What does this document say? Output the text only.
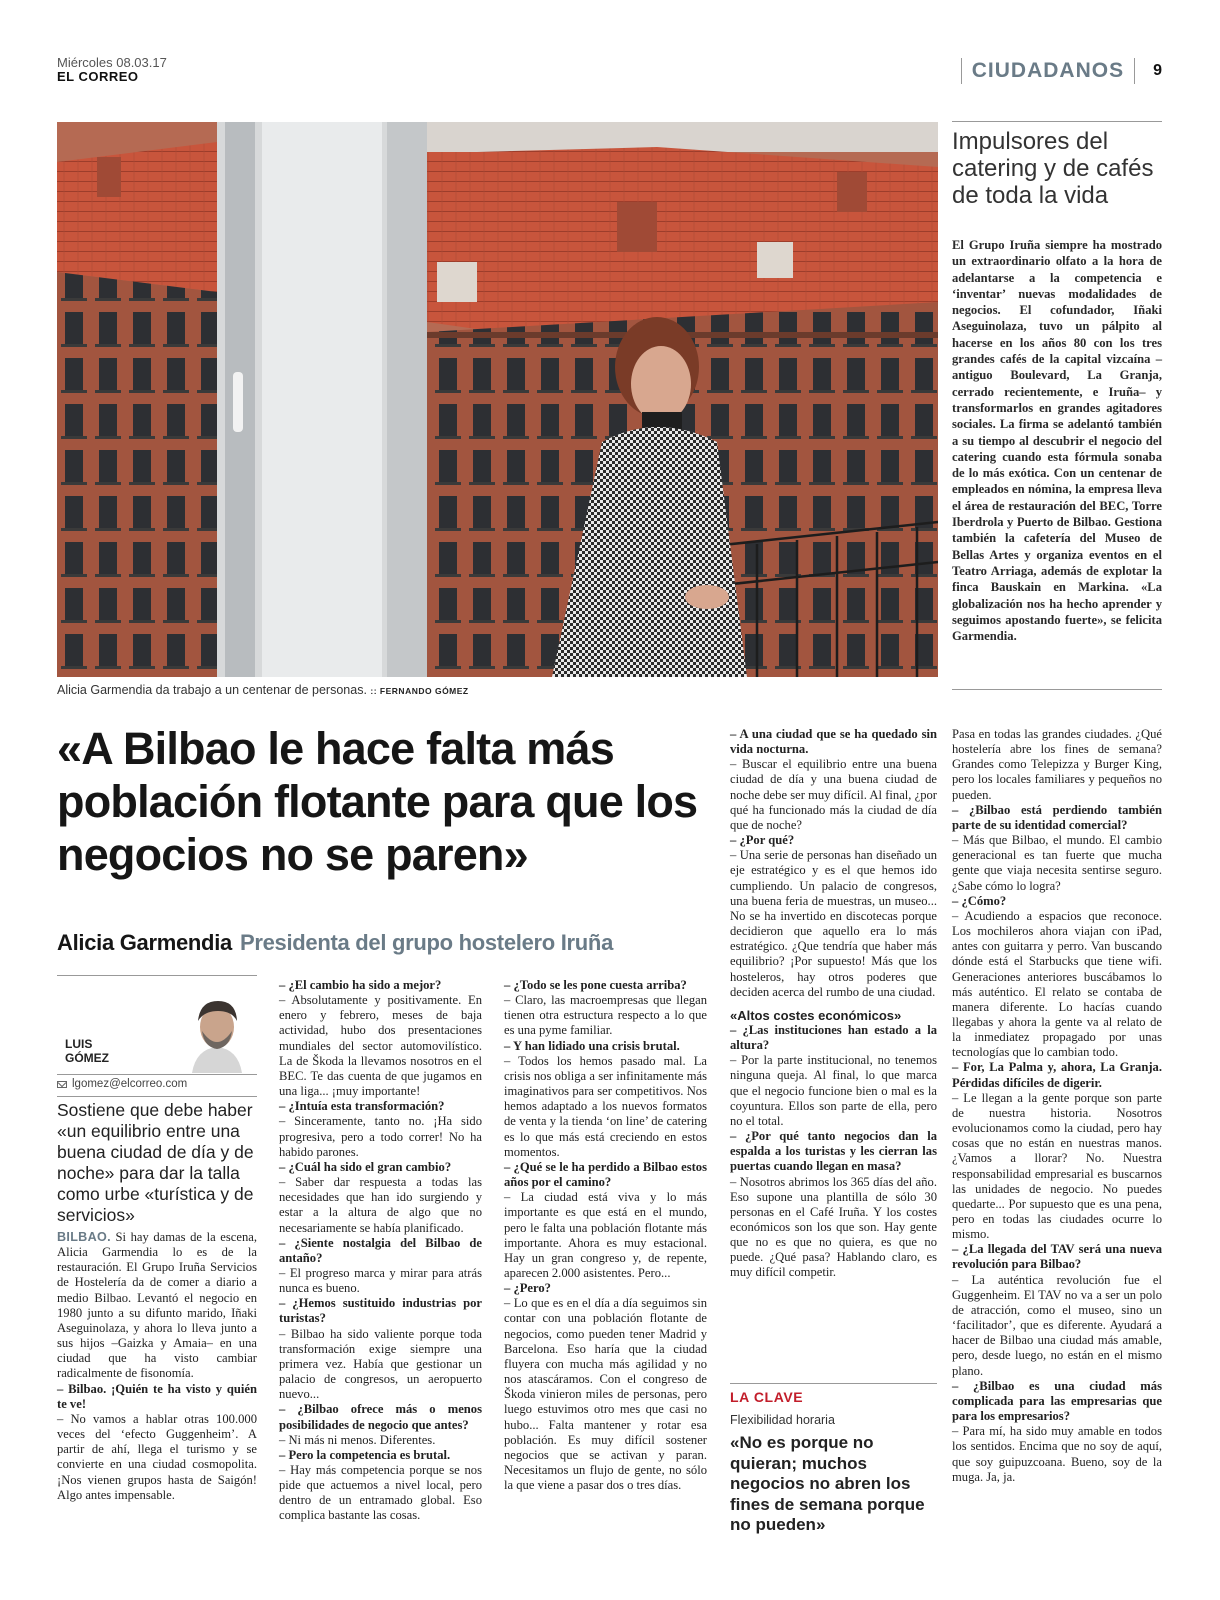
Miércoles 08.03.17
EL CORREO	CIUDADANOS	9
Alicia Garmendia da trabajo a un centenar de personas. :: FERNANDO GÓMEZ
Impulsores del catering y de cafés de toda la vida
El Grupo Iruña siempre ha mostrado un extraordinario olfato a la hora de adelantarse a la competencia e ‘inventar’ nuevas modalidades de negocios. El cofundador, Iñaki Aseguinolaza, tuvo un pálpito al hacerse en los años 80 con los tres grandes cafés de la capital vizcaína –antiguo Boulevard, La Granja, cerrado recientemente, e Iruña– y transformarlos en grandes agitadores sociales. La firma se adelantó también a su tiempo al descubrir el negocio del catering cuando esta fórmula sonaba de lo más exótica. Con un centenar de empleados en nómina, la empresa lleva el área de restauración del BEC, Torre Iberdrola y Puerto de Bilbao. Gestiona también la cafetería del Museo de Bellas Artes y organiza eventos en el Teatro Arriaga, además de explotar la finca Bauskain en Markina. «La globalización nos ha hecho aprender y seguimos apostando fuerte», se felicita Garmendia.
«A Bilbao le hace falta más población flotante para que los negocios no se paren»
Alicia Garmendia Presidenta del grupo hostelero Iruña
LUIS
GÓMEZ
lgomez@elcorreo.com
Sostiene que debe haber «un equilibrio entre una buena ciudad de día y de noche» para dar la talla como urbe «turística y de servicios»

BILBAO. Si hay damas de la escena, Alicia Garmendia lo es de la restauración. El Grupo Iruña Servicios de Hostelería da de comer a diario a medio Bilbao. Levantó el negocio en 1980 junto a su difunto marido, Iñaki Aseguinolaza, y ahora lo lleva junto a sus hijos –Gaizka y Amaia– en una ciudad que ha visto cambiar radicalmente de fisonomía.

– Bilbao. ¡Quién te ha visto y quién te ve!

– No vamos a hablar otras 100.000 veces del ‘efecto Guggenheim’. A partir de ahí, llega el turismo y se convierte en una ciudad cosmopolita. ¡Nos vienen grupos hasta de Saigón! Algo antes impensable.

– ¿El cambio ha sido a mejor?

– Absolutamente y positivamente. En enero y febrero, meses de baja actividad, hubo dos presentaciones mundiales del sector automovilístico. La de Škoda la llevamos nosotros en el BEC. Te das cuenta de que jugamos en una liga... ¡muy importante!

– ¿Intuía esta transformación?

– Sinceramente, tanto no. ¡Ha sido progresiva, pero a todo correr! No ha habido parones.

– ¿Cuál ha sido el gran cambio?

– Saber dar respuesta a todas las necesidades que han ido surgiendo y estar a la altura de algo que no necesariamente se había planificado.

– ¿Siente nostalgia del Bilbao de antaño?

– El progreso marca y mirar para atrás nunca es bueno.

– ¿Hemos sustituido industrias por turistas?

– Bilbao ha sido valiente porque toda transformación exige siempre una primera vez. Había que gestionar un palacio de congresos, un aeropuerto nuevo...

– ¿Bilbao ofrece más o menos posibilidades de negocio que antes?

– Ni más ni menos. Diferentes.

– Pero la competencia es brutal.

– Hay más competencia porque se nos pide que actuemos a nivel local, pero dentro de un entramado global. Eso complica bastante las cosas.

– ¿Todo se les pone cuesta arriba?

– Claro, las macroempresas que llegan tienen otra estructura respecto a lo que es una pyme familiar.

– Y han lidiado una crisis brutal.

– Todos los hemos pasado mal. La crisis nos obliga a ser infinitamente más imaginativos para ser competitivos. Nos hemos adaptado a los nuevos formatos de venta y la tienda ‘on line’ de catering es lo que más está creciendo en estos momentos.

– ¿Qué se le ha perdido a Bilbao estos años por el camino?

– La ciudad está viva y lo más importante es que está en el mundo, pero le falta una población flotante más importante. Ahora es muy estacional. Hay un gran congreso y, de repente, aparecen 2.000 asistentes. Pero...

– ¿Pero?

– Lo que es en el día a día seguimos sin contar con una población flotante de negocios, como pueden tener Madrid y Barcelona. Eso haría que la ciudad fluyera con mucha más agilidad y no nos atascáramos. Con el congreso de Škoda vinieron miles de personas, pero luego estuvimos otro mes que casi no hubo... Falta mantener y rotar esa población. Es muy difícil sostener negocios que se activan y paran. Necesitamos un flujo de gente, no sólo la que viene a pasar dos o tres días.

– A una ciudad que se ha quedado sin vida nocturna.

– Buscar el equilibrio entre una buena ciudad de día y una buena ciudad de noche debe ser muy difícil. Al final, ¿por qué ha funcionado más la ciudad de día que de noche?

– ¿Por qué?

– Una serie de personas han diseñado un eje estratégico y es el que hemos ido cumpliendo. Un palacio de congresos, una buena feria de muestras, un museo... No se ha invertido en discotecas porque decidieron que aquello era lo más estratégico. ¿Que tendría que haber más equilibrio? ¡Por supuesto! Más que los hosteleros, hay otros poderes que deciden acerca del rumbo de una ciudad.

«Altos costes económicos»

– ¿Las instituciones han estado a la altura?

– Por la parte institucional, no tenemos ninguna queja. Al final, lo que marca que el negocio funcione bien o mal es la coyuntura. Ellos son parte de ella, pero no el total.

– ¿Por qué tanto negocios dan la espalda a los turistas y les cierran las puertas cuando llegan en masa?

– Nosotros abrimos los 365 días del año. Eso supone una plantilla de sólo 30 personas en el Café Iruña. Y los costes económicos son los que son. Hay gente que no es que no quiera, es que no puede. ¿Qué pasa? Hablando claro, es muy difícil competir.

LA CLAVE
Flexibilidad horaria
«No es porque no quieran; muchos negocios no abren los fines de semana porque no pueden»

Pasa en todas las grandes ciudades. ¿Qué hostelería abre los fines de semana? Grandes como Telepizza y Burger King, pero los locales familiares y pequeños no pueden.

– ¿Bilbao está perdiendo también parte de su identidad comercial?

– Más que Bilbao, el mundo. El cambio generacional es tan fuerte que mucha gente que viaja necesita sentirse seguro. ¿Sabe cómo lo logra?

– ¿Cómo?

– Acudiendo a espacios que reconoce. Los mochileros ahora viajan con iPad, antes con guitarra y perro. Van buscando dónde está el Starbucks que tiene wifi. Generaciones anteriores buscábamos lo más auténtico. El relato se contaba de manera diferente. Lo hacías cuando llegabas y ahora la gente va al relato de la inmediatez propagado por unas tecnologías que lo cambian todo.

– For, La Palma y, ahora, La Granja. Pérdidas difíciles de digerir.

– Le llegan a la gente porque son parte de nuestra historia. Nosotros evolucionamos como la ciudad, pero hay cosas que no están en nuestras manos. ¿Vamos a llorar? No. Nuestra responsabilidad empresarial es buscarnos las unidades de negocio. No puedes quedarte... Por supuesto que es una pena, pero en todas las ciudades ocurre lo mismo.

– ¿La llegada del TAV será una nueva revolución para Bilbao?

– La auténtica revolución fue el Guggenheim. El TAV no va a ser un polo de atracción, como el museo, sino un ‘facilitador’, que es diferente. Ayudará a hacer de Bilbao una ciudad más amable, pero, desde luego, no están en el mismo plano.

– ¿Bilbao es una ciudad más complicada para las empresarias que para los empresarios?

– Para mí, ha sido muy amable en todos los sentidos. Encima que no soy de aquí, que soy guipuzcoana. Bueno, soy de la muga. Ja, ja.
